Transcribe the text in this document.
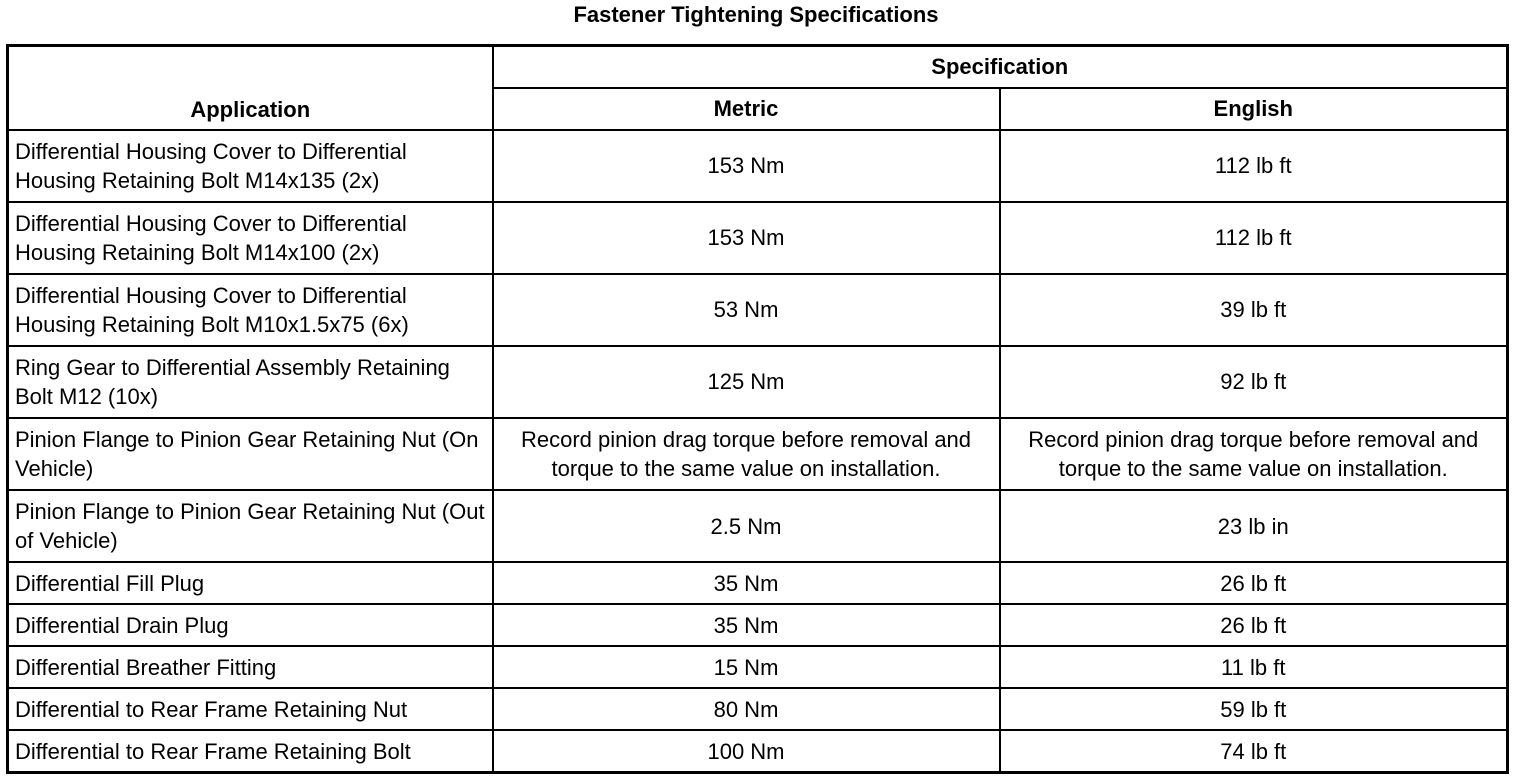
Fastener Tightening Specifications
Application	Specification	
	Metric	English
Differential Housing Cover to Differential Housing Retaining Bolt M14x135 (2x)	153 Nm	112 lb ft
Differential Housing Cover to Differential Housing Retaining Bolt M14x100 (2x)	153 Nm	112 lb ft
Differential Housing Cover to Differential Housing Retaining Bolt M10x1.5x75 (6x)	53 Nm	39 lb ft
Ring Gear to Differential Assembly Retaining Bolt M12 (10x)	125 Nm	92 lb ft
Pinion Flange to Pinion Gear Retaining Nut (On Vehicle)	Record pinion drag torque before removal and torque to the same value on installation.	Record pinion drag torque before removal and torque to the same value on installation.
Pinion Flange to Pinion Gear Retaining Nut (Out of Vehicle)	2.5 Nm	23 lb in
Differential Fill Plug	35 Nm	26 lb ft
Differential Drain Plug	35 Nm	26 lb ft
Differential Breather Fitting	15 Nm	11 lb ft
Differential to Rear Frame Retaining Nut	80 Nm	59 lb ft
Differential to Rear Frame Retaining Bolt	100 Nm	74 lb ft
